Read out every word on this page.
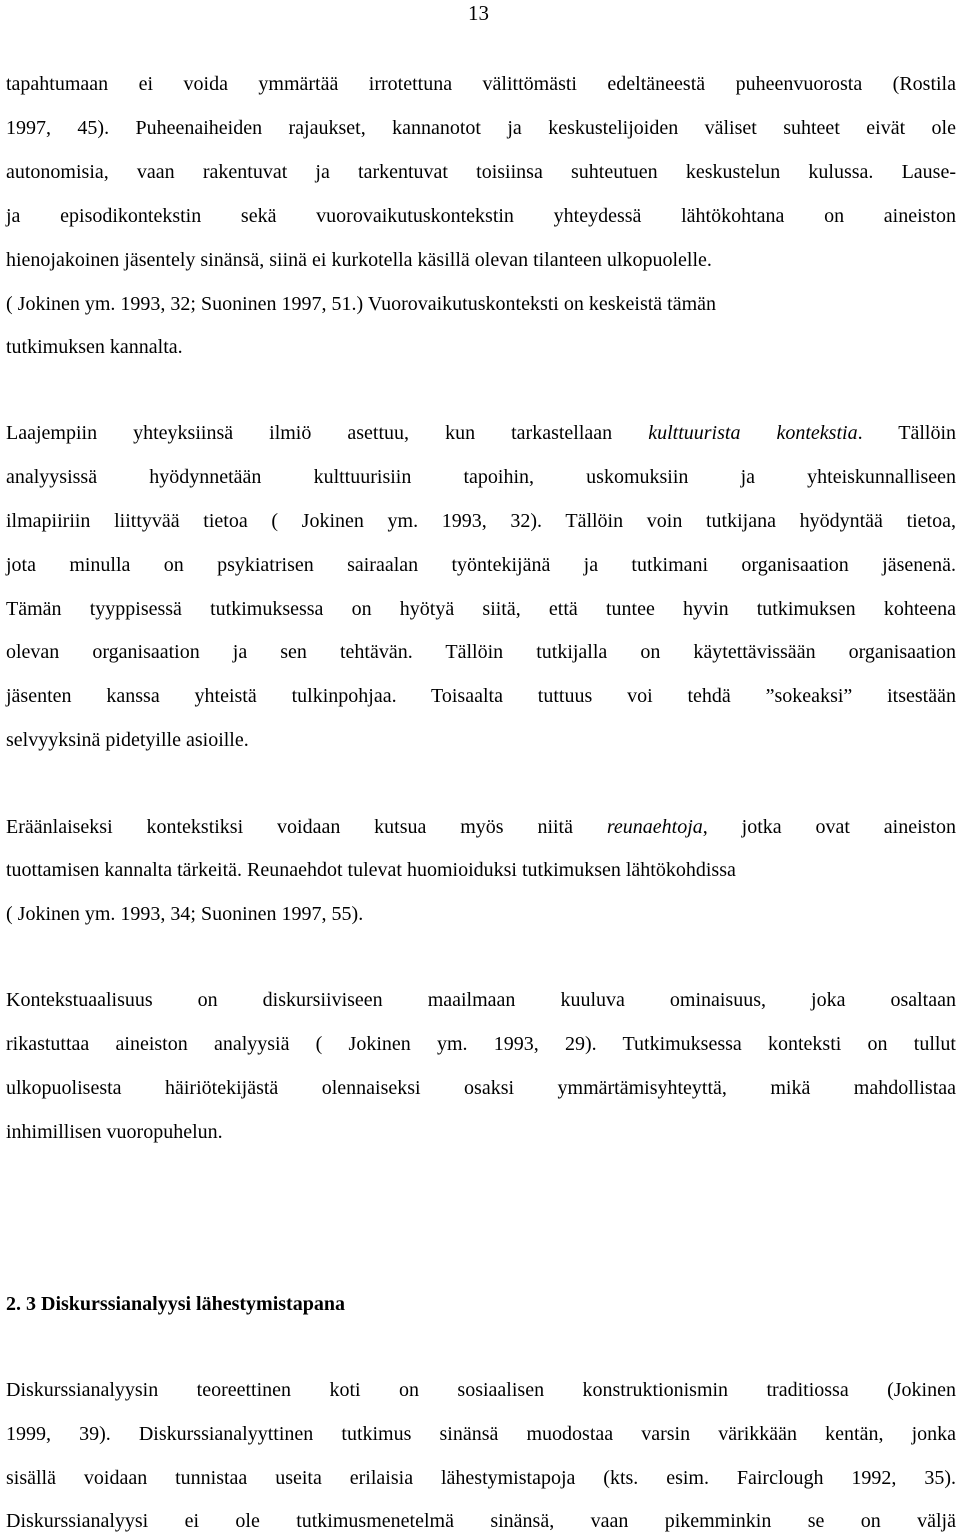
13
tapahtumaan ei voida ymmärtää irrotettuna välittömästi edeltäneestä puheenvuorosta (Rostila
1997, 45). Puheenaiheiden rajaukset, kannanotot ja keskustelijoiden väliset suhteet eivät ole
autonomisia, vaan rakentuvat ja tarkentuvat toisiinsa suhteutuen keskustelun kulussa. Lause-
ja episodikontekstin sekä vuorovaikutuskontekstin yhteydessä lähtökohtana on aineiston
hienojakoinen jäsentely sinänsä, siinä ei kurkotella käsillä olevan tilanteen ulkopuolelle.
( Jokinen ym. 1993, 32; Suoninen 1997, 51.) Vuorovaikutuskonteksti on keskeistä tämän
tutkimuksen kannalta.
Laajempiin yhteyksiinsä ilmiö asettuu, kun tarkastellaan kulttuurista kontekstia. Tällöin
analyysissä hyödynnetään kulttuurisiin tapoihin, uskomuksiin ja yhteiskunnalliseen
ilmapiiriin liittyvää tietoa ( Jokinen ym. 1993, 32). Tällöin voin tutkijana hyödyntää tietoa,
jota minulla on psykiatrisen sairaalan työntekijänä ja tutkimani organisaation jäsenenä.
Tämän tyyppisessä tutkimuksessa on hyötyä siitä, että tuntee hyvin tutkimuksen kohteena
olevan organisaation ja sen tehtävän. Tällöin tutkijalla on käytettävissään organisaation
jäsenten kanssa yhteistä tulkinpohjaa. Toisaalta tuttuus voi tehdä ”sokeaksi” itsestään
selvyyksinä pidetyille asioille.
Eräänlaiseksi kontekstiksi voidaan kutsua myös niitä reunaehtoja, jotka ovat aineiston
tuottamisen kannalta tärkeitä. Reunaehdot tulevat huomioiduksi tutkimuksen lähtökohdissa
( Jokinen ym. 1993, 34; Suoninen 1997, 55).
Kontekstuaalisuus on diskursiiviseen maailmaan kuuluva ominaisuus, joka osaltaan
rikastuttaa aineiston analyysiä ( Jokinen ym. 1993, 29). Tutkimuksessa konteksti on tullut
ulkopuolisesta häiriötekijästä olennaiseksi osaksi ymmärtämisyhteyttä, mikä mahdollistaa
inhimillisen vuoropuhelun.
2. 3 Diskurssianalyysi lähestymistapana
Diskurssianalyysin teoreettinen koti on sosiaalisen konstruktionismin traditiossa (Jokinen
1999, 39). Diskurssianalyyttinen tutkimus sinänsä muodostaa varsin värikkään kentän, jonka
sisällä voidaan tunnistaa useita erilaisia lähestymistapoja (kts. esim. Fairclough 1992, 35).
Diskurssianalyysi ei ole tutkimusmenetelmä sinänsä, vaan pikemminkin se on väljä
